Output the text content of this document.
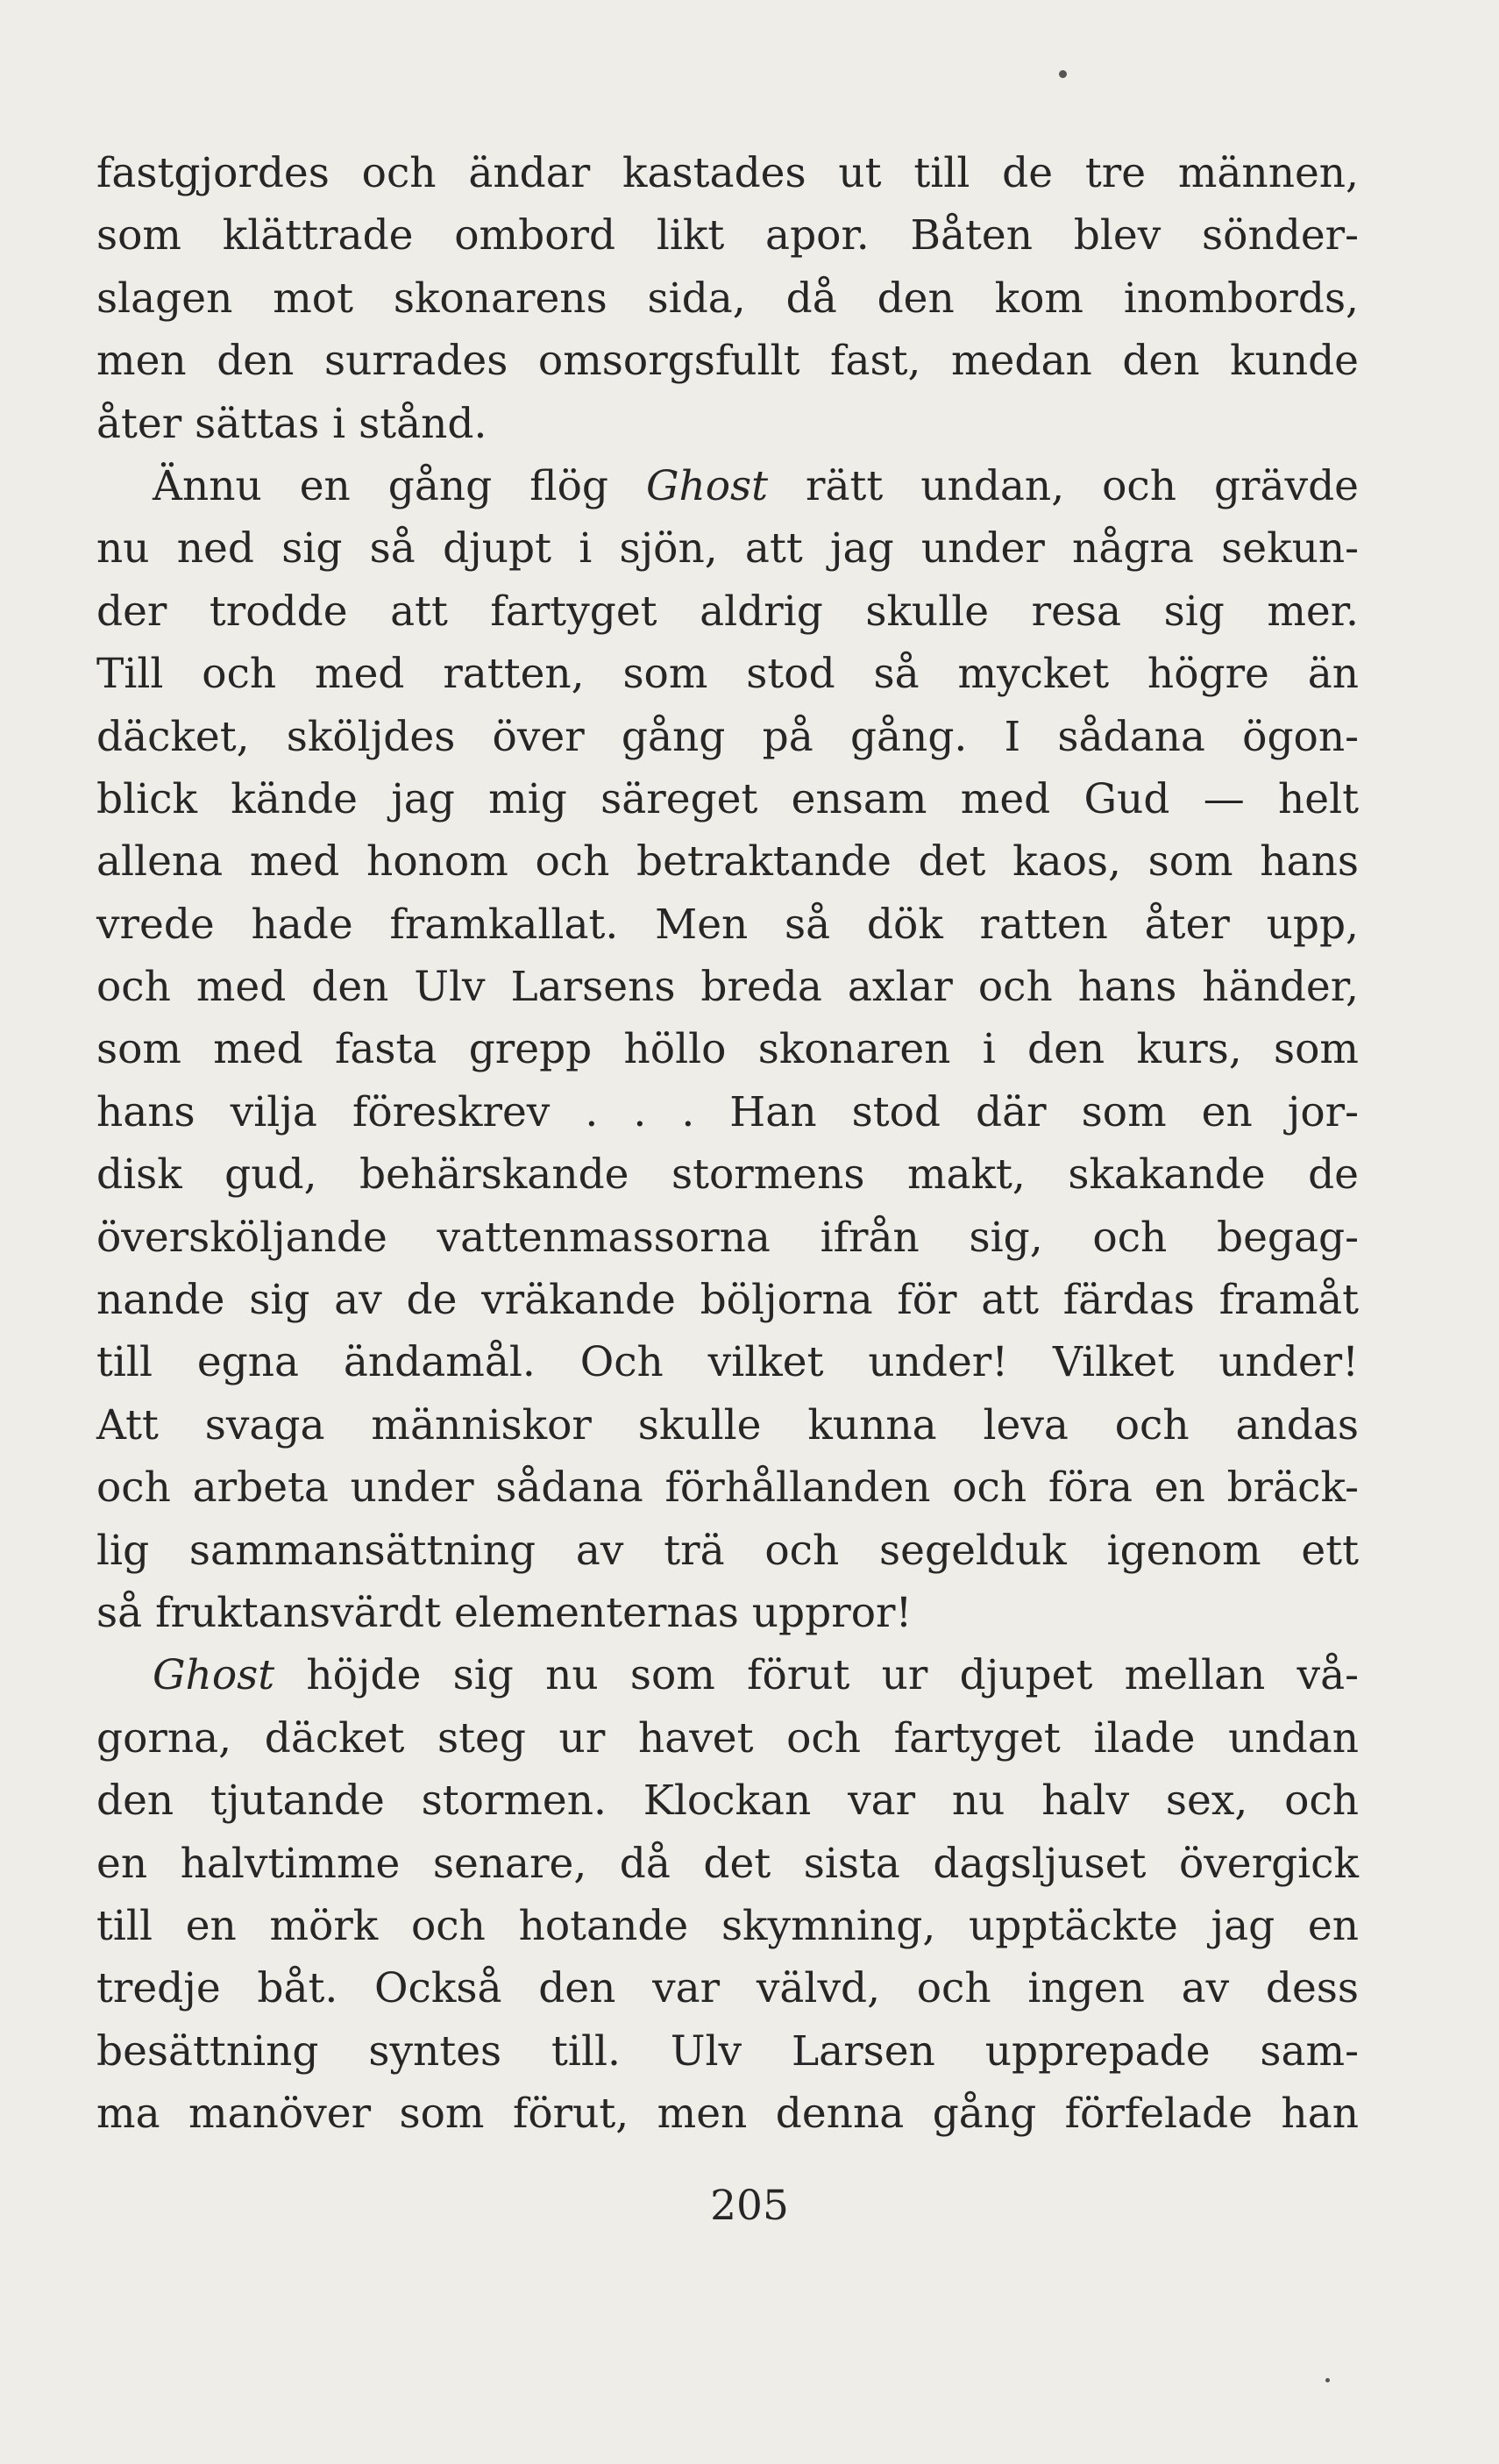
fastgjordes och ändar kastades ut till de tre männen,
som klättrade ombord likt apor. Båten blev sönder-
slagen mot skonarens sida, då den kom inombords,
men den surrades omsorgsfullt fast, medan den kunde
åter sättas i stånd.
Ännu en gång flög Ghost rätt undan, och grävde
nu ned sig så djupt i sjön, att jag under några sekun-
der trodde att fartyget aldrig skulle resa sig mer.
Till och med ratten, som stod så mycket högre än
däcket, sköljdes över gång på gång. I sådana ögon-
blick kände jag mig säreget ensam med Gud — helt
allena med honom och betraktande det kaos, som hans
vrede hade framkallat. Men så dök ratten åter upp,
och med den Ulv Larsens breda axlar och hans händer,
som med fasta grepp höllo skonaren i den kurs, som
hans vilja föreskrev . . . Han stod där som en jor-
disk gud, behärskande stormens makt, skakande de
översköljande vattenmassorna ifrån sig, och begag-
nande sig av de vräkande böljorna för att färdas framåt
till egna ändamål. Och vilket under! Vilket under!
Att svaga människor skulle kunna leva och andas
och arbeta under sådana förhållanden och föra en bräck-
lig sammansättning av trä och segelduk igenom ett
så fruktansvärdt elementernas uppror!
Ghost höjde sig nu som förut ur djupet mellan vå-
gorna, däcket steg ur havet och fartyget ilade undan
den tjutande stormen. Klockan var nu halv sex, och
en halvtimme senare, då det sista dagsljuset övergick
till en mörk och hotande skymning, upptäckte jag en
tredje båt. Också den var välvd, och ingen av dess
besättning syntes till. Ulv Larsen upprepade sam-
ma manöver som förut, men denna gång förfelade han
205
